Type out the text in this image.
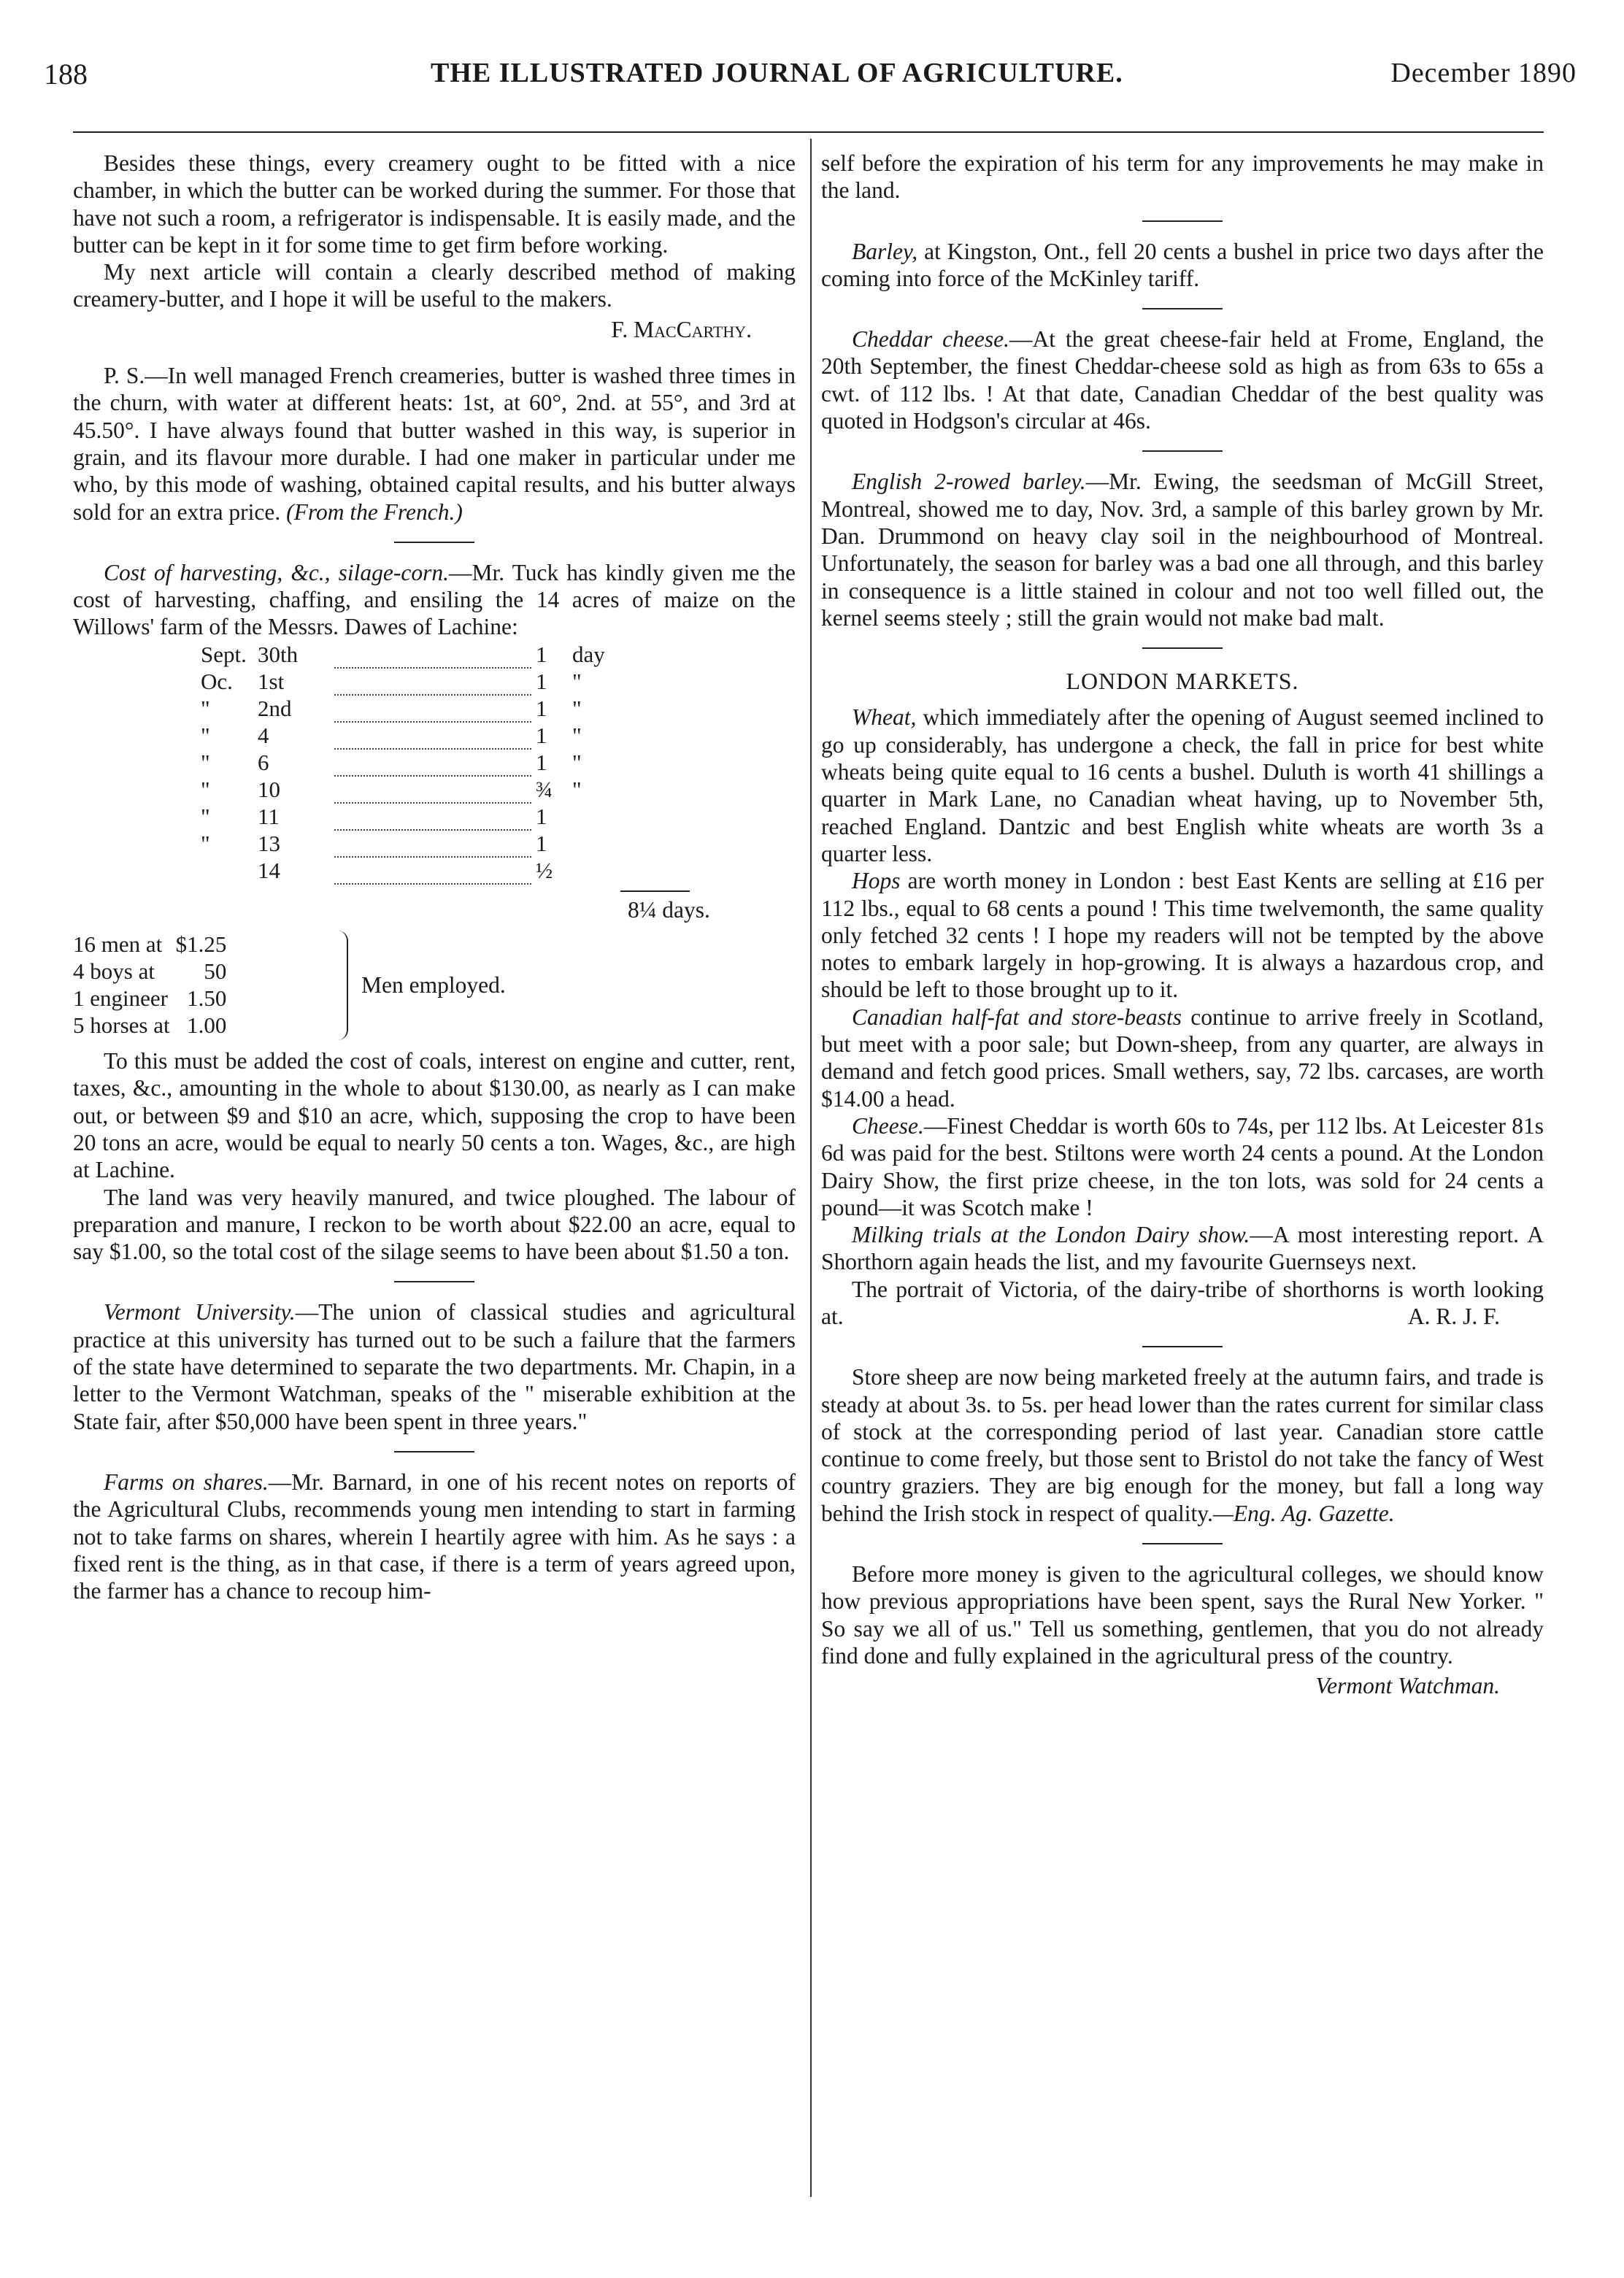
188	THE ILLUSTRATED JOURNAL OF AGRICULTURE.	December 1890

Besides these things, every creamery ought to be fitted with a nice chamber, in which the butter can be worked during the summer. For those that have not such a room, a refrigerator is indispensable. It is easily made, and the butter can be kept in it for some time to get firm before working.

My next article will contain a clearly described method of making creamery-butter, and I hope it will be useful to the makers.

F. MacCarthy.

P. S.—In well managed French creameries, butter is washed three times in the churn, with water at different heats: 1st, at 60°, 2nd. at 55°, and 3rd at 45.50°. I have always found that butter washed in this way, is superior in grain, and its flavour more durable. I had one maker in particular under me who, by this mode of washing, obtained capital results, and his butter always sold for an extra price. (From the French.)

Cost of harvesting, &c., silage-corn.—Mr. Tuck has kindly given me the cost of harvesting, chaffing, and ensiling the 14 acres of maize on the Willows' farm of the Messrs. Dawes of Lachine:

Sept.	30th		1	day
Oc.	1st		1	"
"	2nd		1	"
"	4		1	"
"	6		1	"
"	10		¾	"
"	11		1	
"	13		1	
	14		½	
8¼ days.
16 men at	$1.25
4 boys at	50
1 engineer	1.50
5 horses at	1.00
Men employed.

To this must be added the cost of coals, interest on engine and cutter, rent, taxes, &c., amounting in the whole to about $130.00, as nearly as I can make out, or between $9 and $10 an acre, which, supposing the crop to have been 20 tons an acre, would be equal to nearly 50 cents a ton. Wages, &c., are high at Lachine.

The land was very heavily manured, and twice ploughed. The labour of preparation and manure, I reckon to be worth about $22.00 an acre, equal to say $1.00, so the total cost of the silage seems to have been about $1.50 a ton.

Vermont University.—The union of classical studies and agricultural practice at this university has turned out to be such a failure that the farmers of the state have determined to separate the two departments. Mr. Chapin, in a letter to the Vermont Watchman, speaks of the " miserable exhibition at the State fair, after $50,000 have been spent in three years."

Farms on shares.—Mr. Barnard, in one of his recent notes on reports of the Agricultural Clubs, recommends young men intending to start in farming not to take farms on shares, wherein I heartily agree with him. As he says : a fixed rent is the thing, as in that case, if there is a term of years agreed upon, the farmer has a chance to recoup him-

self before the expiration of his term for any improvements he may make in the land.

Barley, at Kingston, Ont., fell 20 cents a bushel in price two days after the coming into force of the McKinley tariff.

Cheddar cheese.—At the great cheese-fair held at Frome, England, the 20th September, the finest Cheddar-cheese sold as high as from 63s to 65s a cwt. of 112 lbs. ! At that date, Canadian Cheddar of the best quality was quoted in Hodgson's circular at 46s.

English 2-rowed barley.—Mr. Ewing, the seedsman of McGill Street, Montreal, showed me to day, Nov. 3rd, a sample of this barley grown by Mr. Dan. Drummond on heavy clay soil in the neighbourhood of Montreal. Unfortunately, the season for barley was a bad one all through, and this barley in consequence is a little stained in colour and not too well filled out, the kernel seems steely ; still the grain would not make bad malt.

LONDON MARKETS.

Wheat, which immediately after the opening of August seemed inclined to go up considerably, has undergone a check, the fall in price for best white wheats being quite equal to 16 cents a bushel. Duluth is worth 41 shillings a quarter in Mark Lane, no Canadian wheat having, up to November 5th, reached England. Dantzic and best English white wheats are worth 3s a quarter less.

Hops are worth money in London : best East Kents are selling at £16 per 112 lbs., equal to 68 cents a pound ! This time twelvemonth, the same quality only fetched 32 cents ! I hope my readers will not be tempted by the above notes to embark largely in hop-growing. It is always a hazardous crop, and should be left to those brought up to it.

Canadian half-fat and store-beasts continue to arrive freely in Scotland, but meet with a poor sale; but Down-sheep, from any quarter, are always in demand and fetch good prices. Small wethers, say, 72 lbs. carcases, are worth $14.00 a head.

Cheese.—Finest Cheddar is worth 60s to 74s, per 112 lbs. At Leicester 81s 6d was paid for the best. Stiltons were worth 24 cents a pound. At the London Dairy Show, the first prize cheese, in the ton lots, was sold for 24 cents a pound—it was Scotch make !

Milking trials at the London Dairy show.—A most interesting report. A Shorthorn again heads the list, and my favourite Guernseys next.

The portrait of Victoria, of the dairy-tribe of shorthorns is worth looking at.	A. R. J. F.

Store sheep are now being marketed freely at the autumn fairs, and trade is steady at about 3s. to 5s. per head lower than the rates current for similar class of stock at the corresponding period of last year. Canadian store cattle continue to come freely, but those sent to Bristol do not take the fancy of West country graziers. They are big enough for the money, but fall a long way behind the Irish stock in respect of quality.—Eng. Ag. Gazette.

Before more money is given to the agricultural colleges, we should know how previous appropriations have been spent, says the Rural New Yorker. " So say we all of us." Tell us something, gentlemen, that you do not already find done and fully explained in the agricultural press of the country.

Vermont Watchman.
